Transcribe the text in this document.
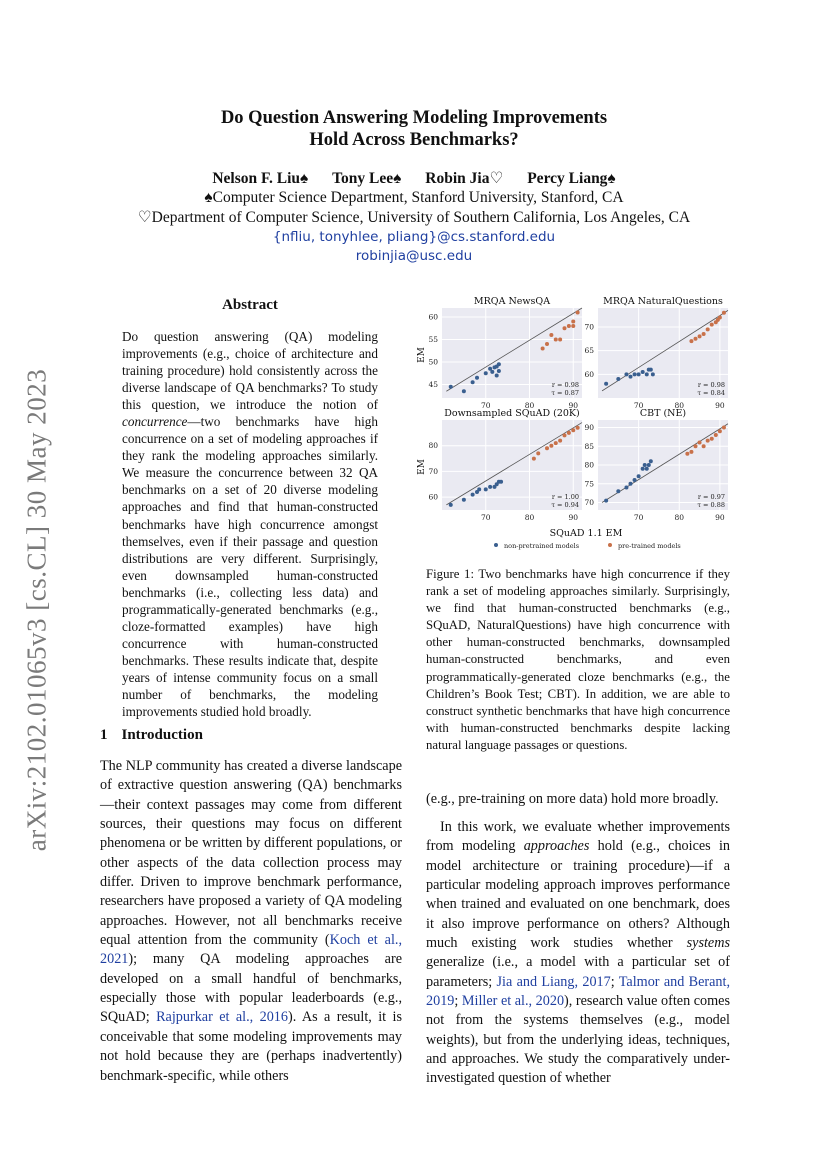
arXiv:2102.01065v3 [cs.CL] 30 May 2023
Do Question Answering Modeling Improvements
Hold Across Benchmarks?
Nelson F. Liu♠ Tony Lee♠ Robin Jia♡ Percy Liang♠
♠Computer Science Department, Stanford University, Stanford, CA
♡Department of Computer Science, University of Southern California, Los Angeles, CA
{nfliu, tonyhlee, pliang}@cs.stanford.edu
robinjia@usc.edu
Abstract
Do question answering (QA) modeling improvements (e.g., choice of architecture and training procedure) hold consistently across the diverse landscape of QA benchmarks? To study this question, we introduce the notion of concurrence—two benchmarks have high concurrence on a set of modeling approaches if they rank the modeling approaches similarly. We measure the concurrence between 32 QA benchmarks on a set of 20 diverse modeling approaches and find that human-constructed benchmarks have high concurrence amongst themselves, even if their passage and question distributions are very different. Surprisingly, even downsampled human-constructed benchmarks (i.e., collecting less data) and programmatically-generated benchmarks (e.g., cloze-formatted examples) have high concurrence with human-constructed benchmarks. These results indicate that, despite years of intense community focus on a small number of benchmarks, the modeling improvements studied hold broadly.
1 Introduction
The NLP community has created a diverse landscape of extractive question answering (QA) benchmarks—their context passages may come from different sources, their questions may focus on different phenomena or be written by different populations, or other aspects of the data collection process may differ. Driven to improve benchmark performance, researchers have proposed a variety of QA modeling approaches. However, not all benchmarks receive equal attention from the community (Koch et al., 2021); many QA modeling approaches are developed on a small handful of benchmarks, especially those with popular leaderboards (e.g., SQuAD; Rajpurkar et al., 2016). As a result, it is conceivable that some modeling improvements may not hold because they are (perhaps inadvertently) benchmark-specific, while others
70	80	90
45
50
55
60
MRQA NewsQA
r = 0.98
τ = 0.87
70	80	90
60
65
70
MRQA NaturalQuestions
r = 0.98
τ = 0.84
70	80	90
60
70
80
Downsampled SQuAD (20K)
r = 1.00
τ = 0.94
70	80	90
70
75
80
85
90
CBT (NE)
r = 0.97
τ = 0.88
EM
EM
SQuAD 1.1 EM
non-pretrained models	pre-trained models
Figure 1: Two benchmarks have high concurrence if they rank a set of modeling approaches similarly. Surprisingly, we find that human-constructed benchmarks (e.g., SQuAD, NaturalQuestions) have high concurrence with other human-constructed benchmarks, downsampled human-constructed benchmarks, and even programmatically-generated cloze benchmarks (e.g., the Children’s Book Test; CBT). In addition, we are able to construct synthetic benchmarks that have high concurrence with human-constructed benchmarks despite lacking natural language passages or questions.
(e.g., pre-training on more data) hold more broadly.
In this work, we evaluate whether improvements from modeling approaches hold (e.g., choices in model architecture or training procedure)—if a particular modeling approach improves performance when trained and evaluated on one benchmark, does it also improve performance on others? Although much existing work studies whether systems generalize (i.e., a model with a particular set of parameters; Jia and Liang, 2017; Talmor and Berant, 2019; Miller et al., 2020), research value often comes not from the systems themselves (e.g., model weights), but from the underlying ideas, techniques, and approaches. We study the comparatively under-investigated question of whether
